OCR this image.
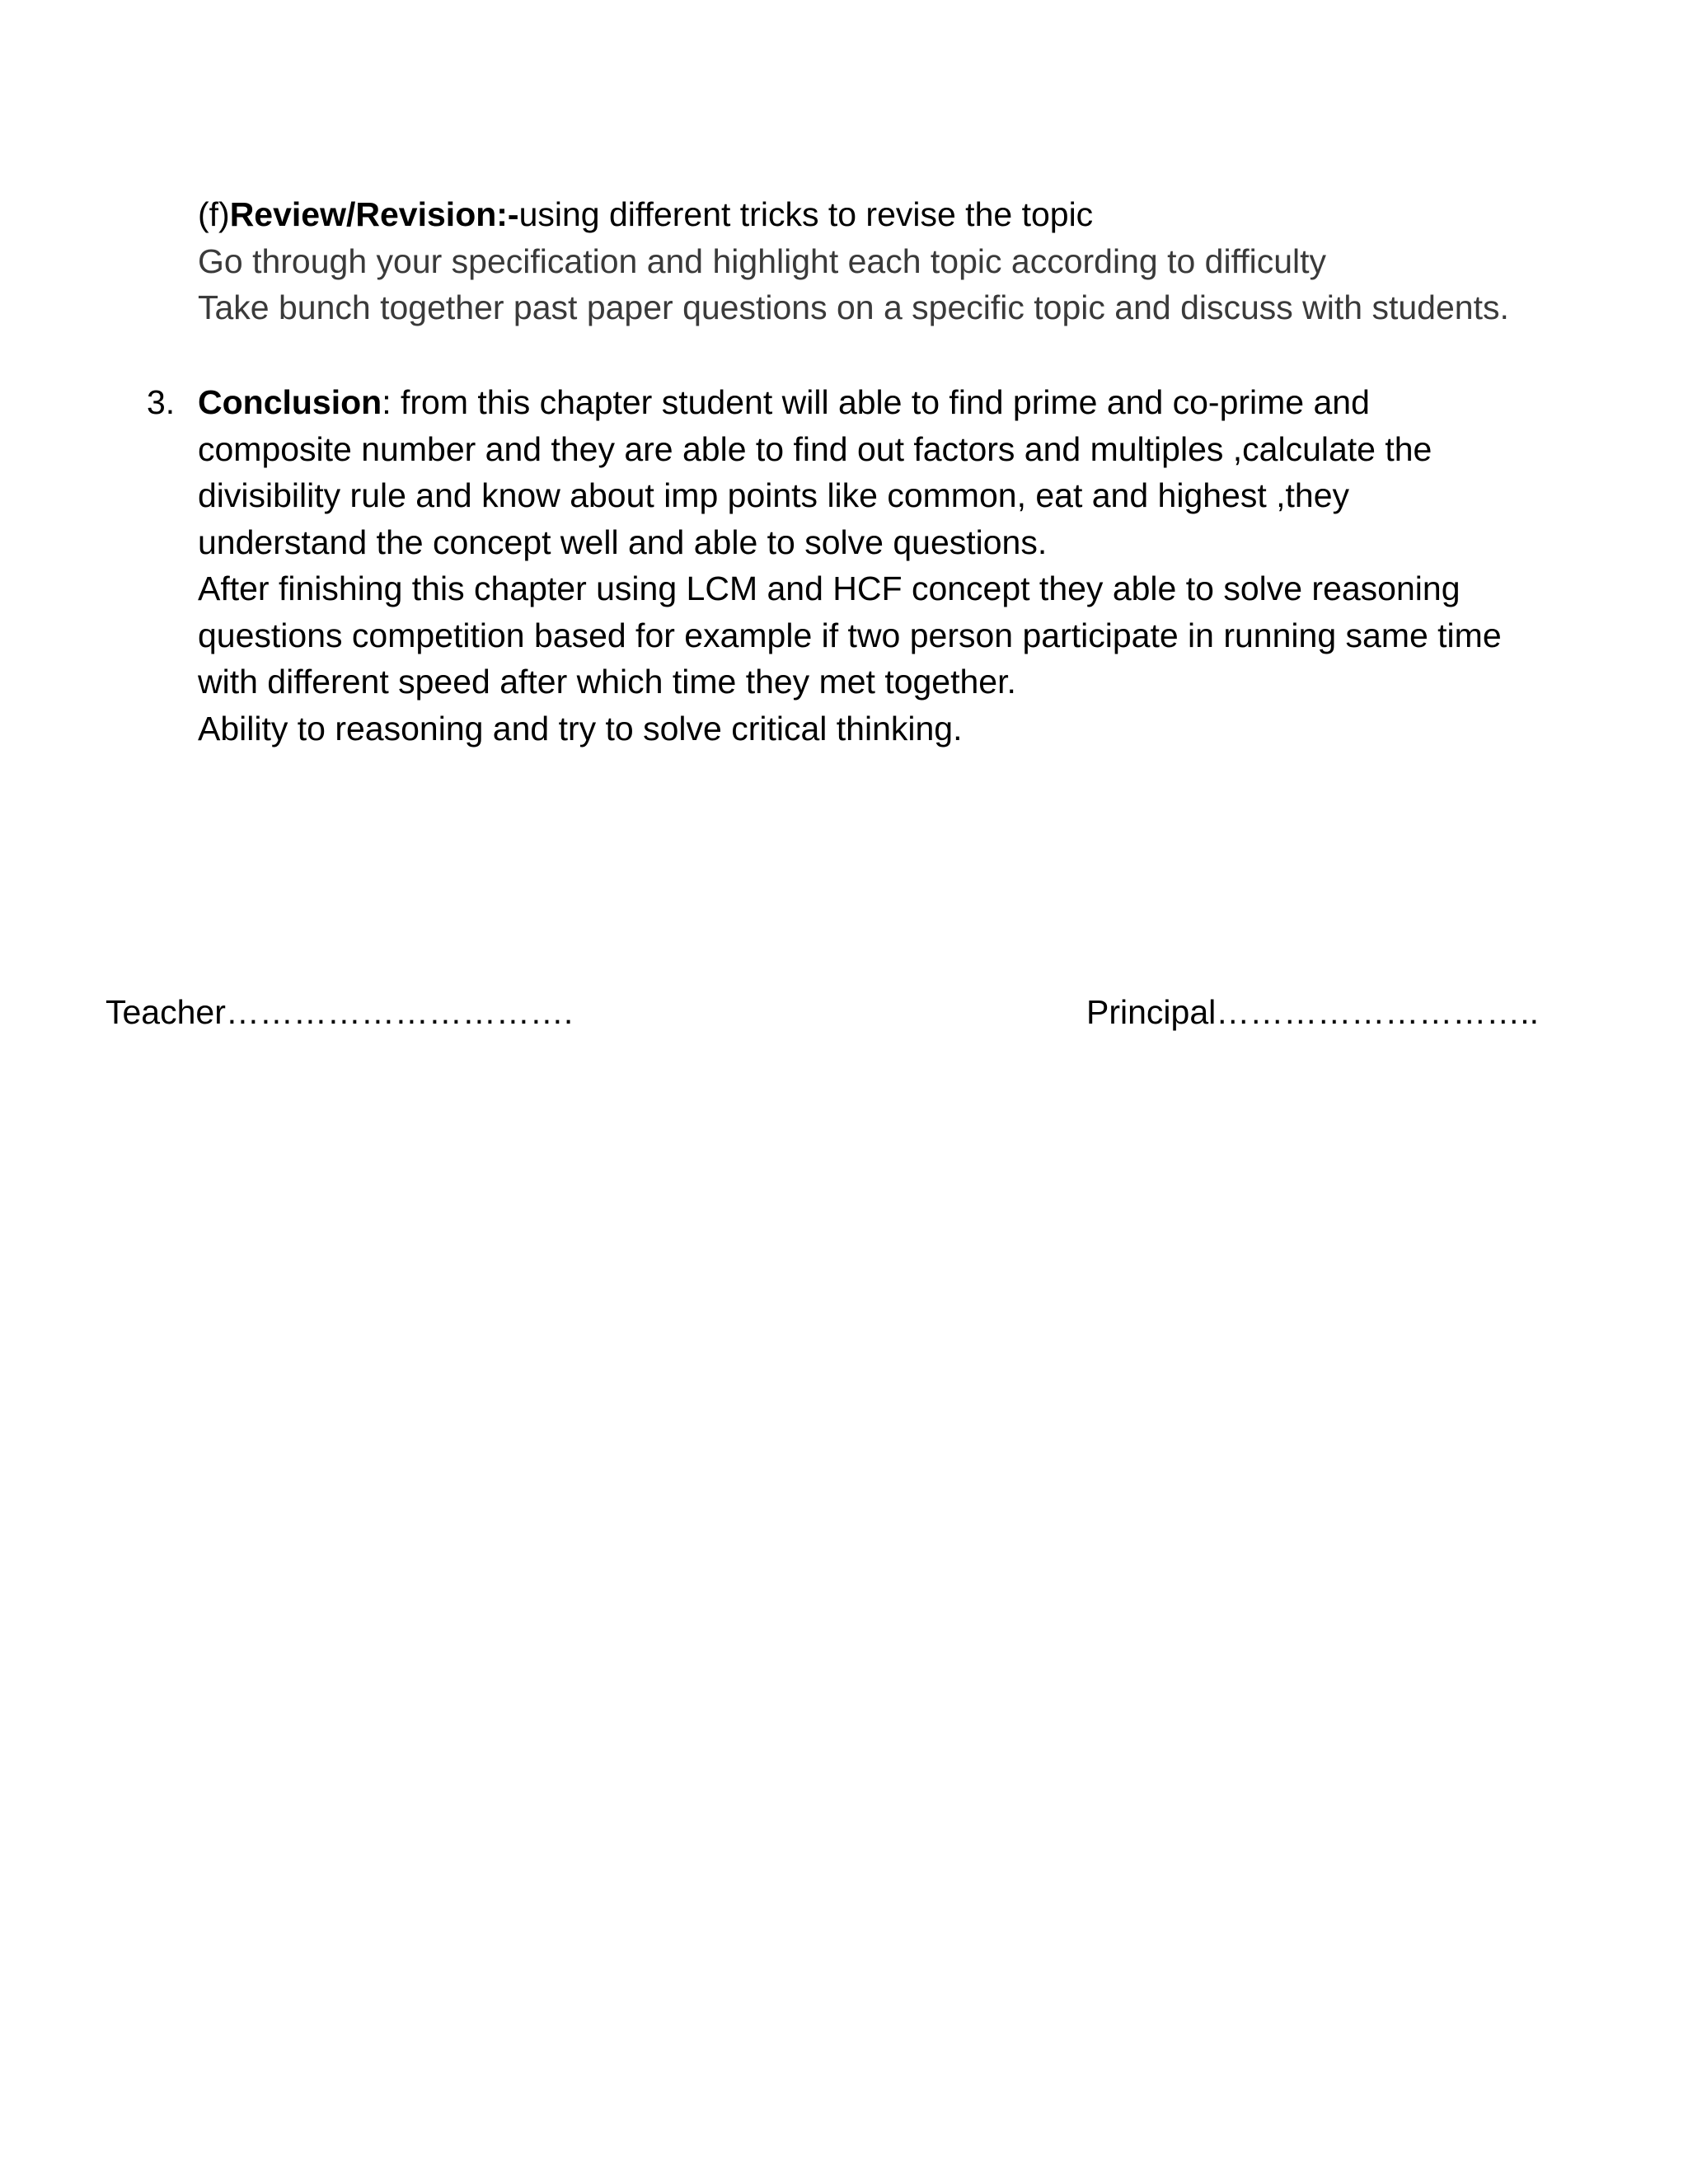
(f)Review/Revision:-using different tricks to revise the topic
Go through your specification and highlight each topic according to difficulty
Take bunch together past paper questions on a specific topic and discuss with students.
3. Conclusion: from this chapter student will able to find prime and co-prime and
composite number and they are able to find out factors and multiples ,calculate the
divisibility rule and know about imp points like common, eat and highest ,they
understand the concept well and able to solve questions.
After finishing this chapter using LCM and HCF concept they able to solve reasoning
questions competition based for example if two person participate in running same time
with different speed after which time they met together.
Ability to reasoning and try to solve critical thinking.
Teacher………………………….	Principal………………………..
